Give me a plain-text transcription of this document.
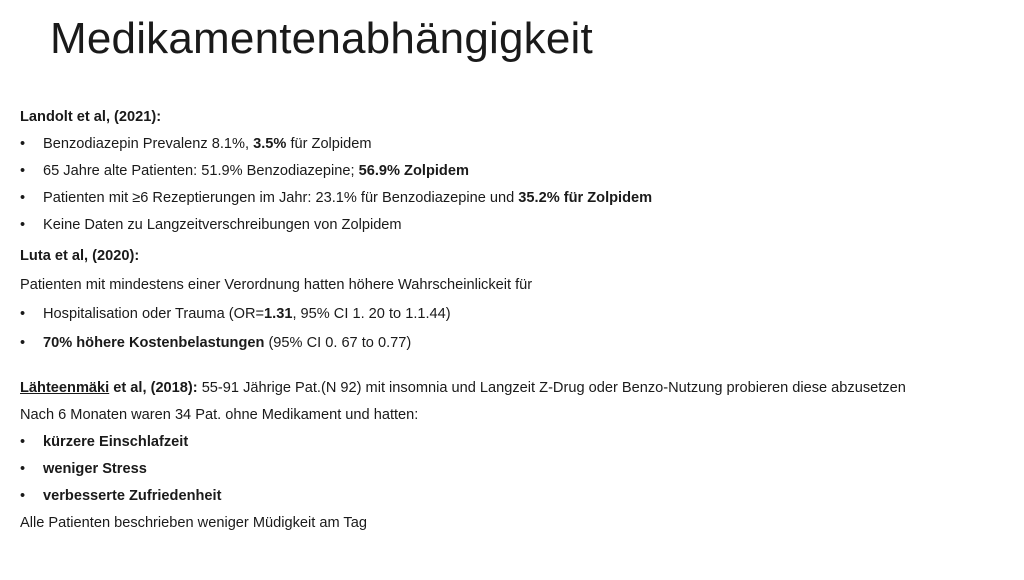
Medikamentenabhängigkeit

Landolt et al, (2021):

• Benzodiazepin Prevalenz 8.1%, 3.5% für Zolpidem

• 65 Jahre alte Patienten: 51.9% Benzodiazepine; 56.9% Zolpidem

• Patienten mit ≥6 Rezeptierungen im Jahr: 23.1% für Benzodiazepine und 35.2% für Zolpidem

• Keine Daten zu Langzeitverschreibungen von Zolpidem

Luta et al, (2020):

Patienten mit mindestens einer Verordnung hatten höhere Wahrscheinlickeit für

• Hospitalisation oder Trauma (OR=1.31, 95% CI 1. 20 to 1.1.44)

• 70% höhere Kostenbelastungen (95% CI 0. 67 to 0.77)

Lähteenmäki et al, (2018): 55-91 Jährige Pat.(N 92) mit insomnia und Langzeit Z-Drug oder Benzo-Nutzung probieren diese abzusetzen

Nach 6 Monaten waren 34 Pat. ohne Medikament und hatten:

• kürzere Einschlafzeit

• weniger Stress

• verbesserte Zufriedenheit

Alle Patienten beschrieben weniger Müdigkeit am Tag
